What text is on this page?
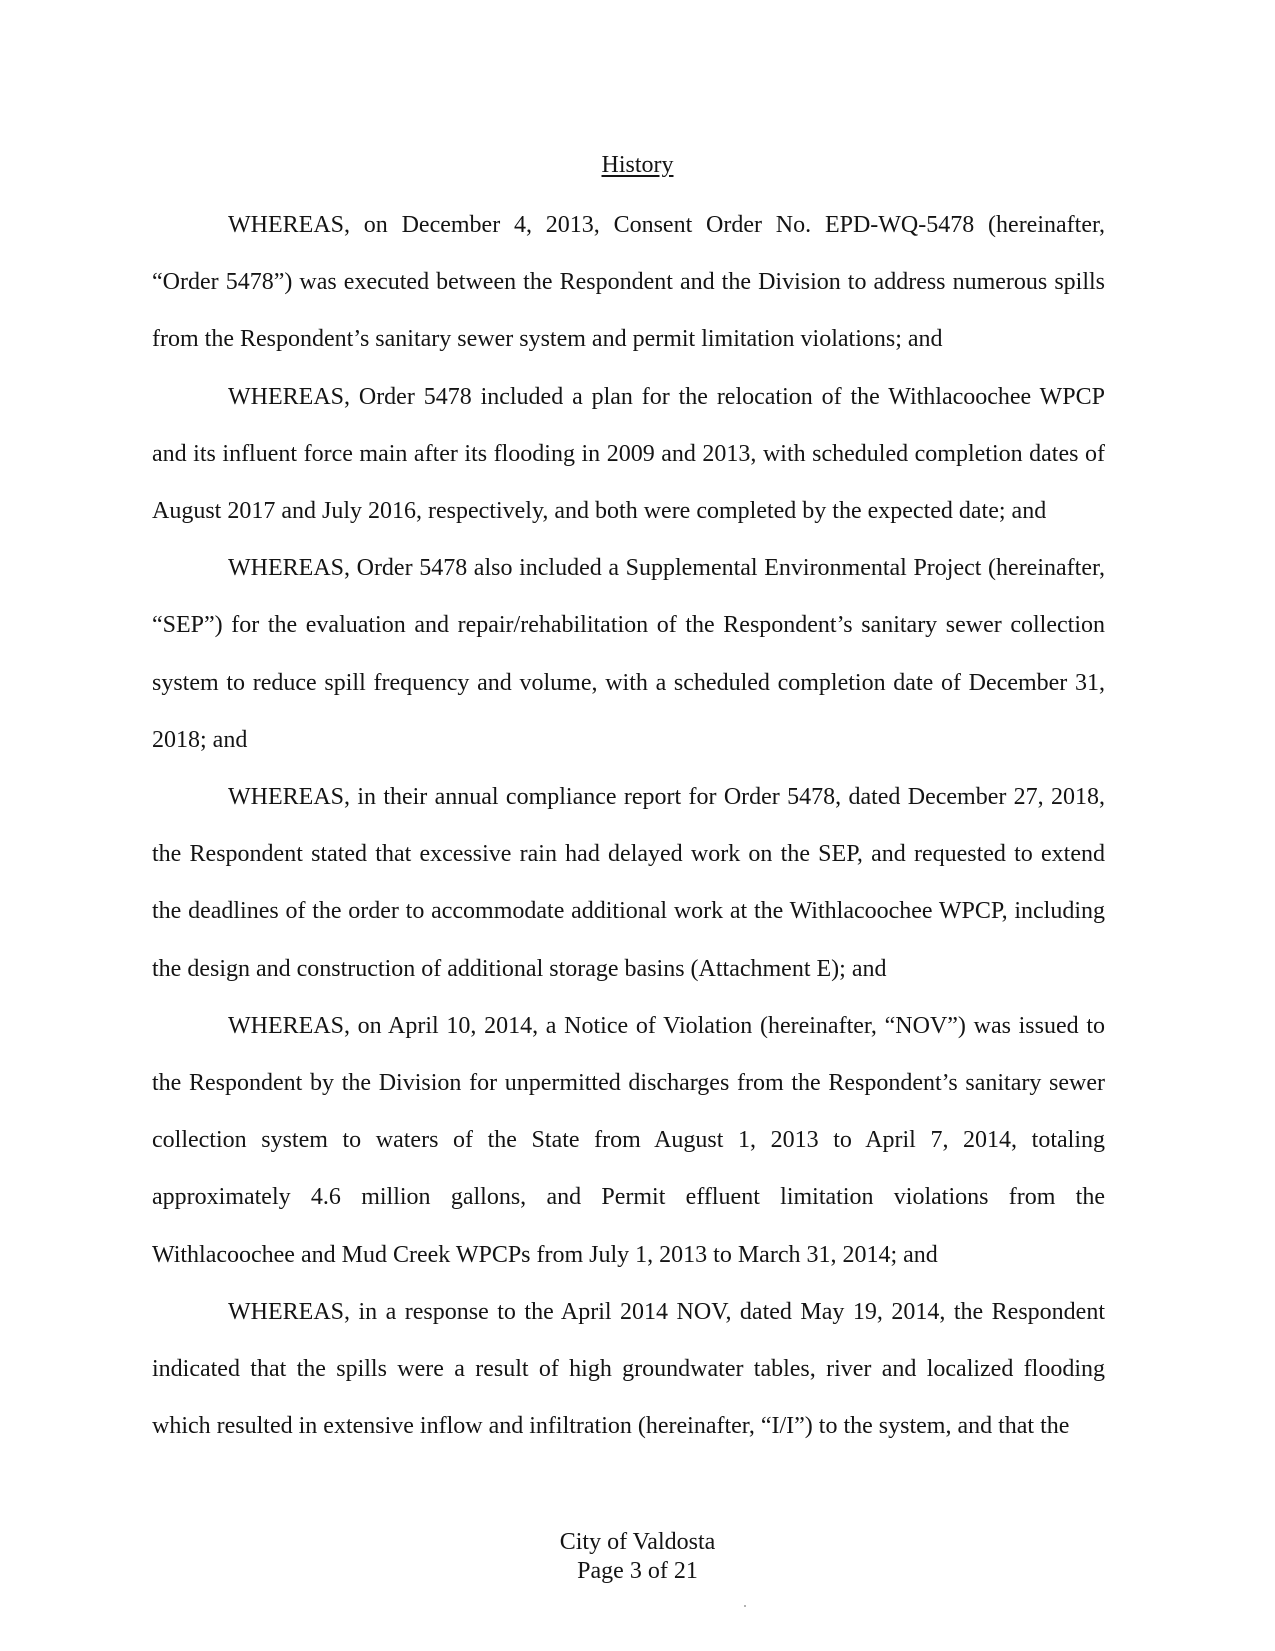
History

WHEREAS, on December 4, 2013, Consent Order No. EPD-WQ-5478 (hereinafter, “Order 5478”) was executed between the Respondent and the Division to address numerous spills from the Respondent’s sanitary sewer system and permit limitation violations; and

WHEREAS, Order 5478 included a plan for the relocation of the Withlacoochee WPCP and its influent force main after its flooding in 2009 and 2013, with scheduled completion dates of August 2017 and July 2016, respectively, and both were completed by the expected date; and

WHEREAS, Order 5478 also included a Supplemental Environmental Project (hereinafter, “SEP”) for the evaluation and repair/rehabilitation of the Respondent’s sanitary sewer collection system to reduce spill frequency and volume, with a scheduled completion date of December 31, 2018; and

WHEREAS, in their annual compliance report for Order 5478, dated December 27, 2018, the Respondent stated that excessive rain had delayed work on the SEP, and requested to extend the deadlines of the order to accommodate additional work at the Withlacoochee WPCP, including the design and construction of additional storage basins (Attachment E); and

WHEREAS, on April 10, 2014, a Notice of Violation (hereinafter, “NOV”) was issued to the Respondent by the Division for unpermitted discharges from the Respondent’s sanitary sewer collection system to waters of the State from August 1, 2013 to April 7, 2014, totaling approximately 4.6 million gallons, and Permit effluent limitation violations from the Withlacoochee and Mud Creek WPCPs from July 1, 2013 to March 31, 2014; and

WHEREAS, in a response to the April 2014 NOV, dated May 19, 2014, the Respondent indicated that the spills were a result of high groundwater tables, river and localized flooding which resulted in extensive inflow and infiltration (hereinafter, “I/I”) to the system, and that the

City of Valdosta
Page 3 of 21
